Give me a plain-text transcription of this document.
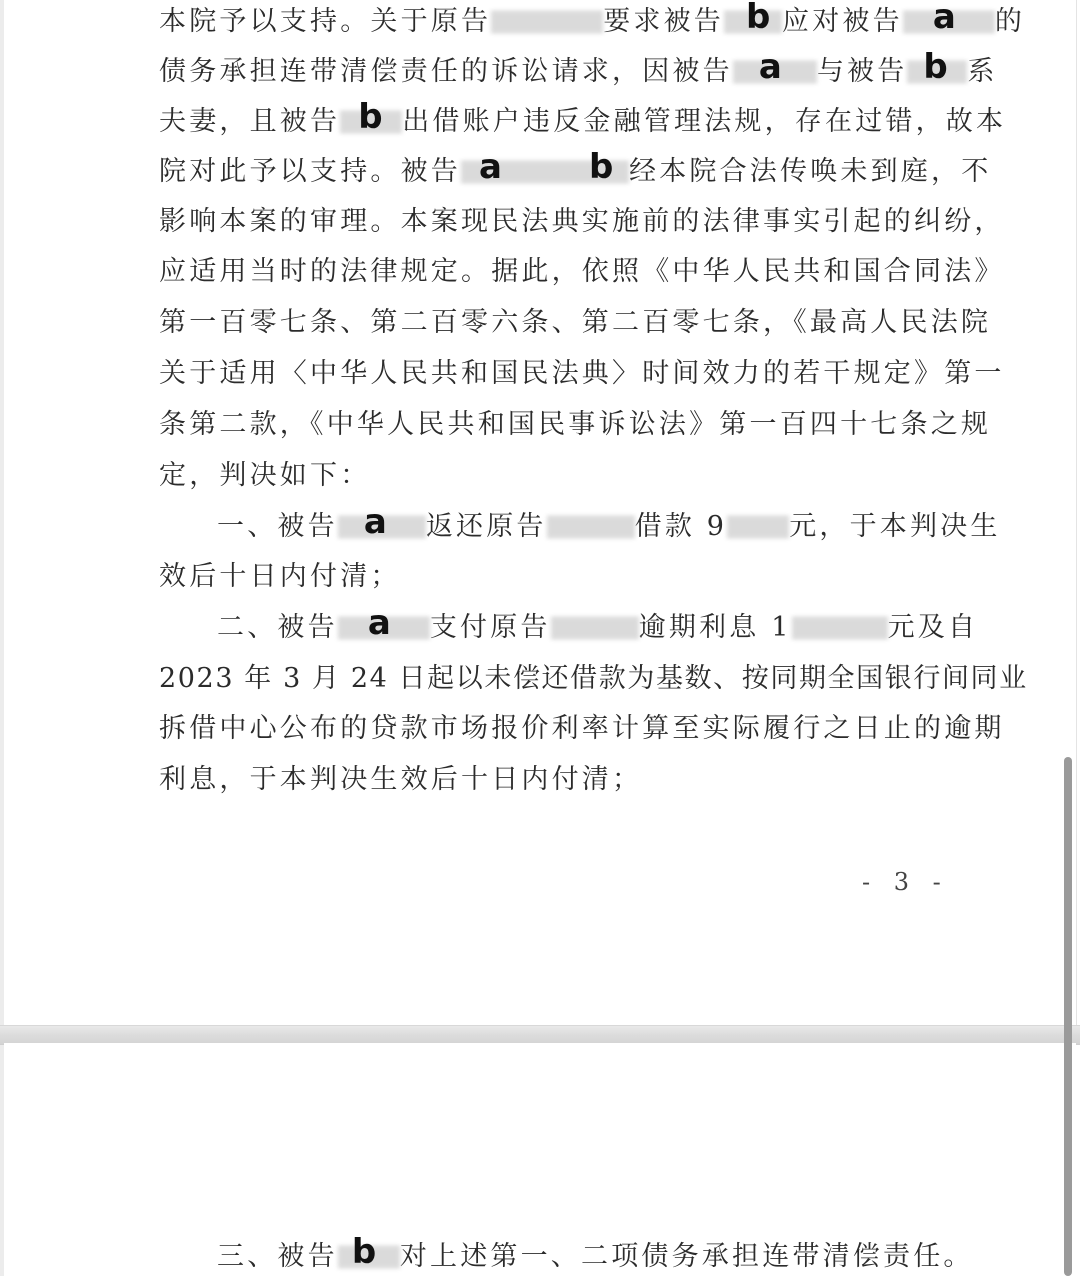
本院予以支持。关于原告	要求被告 b 应对被告 a 的
债务承担连带清偿责任的诉讼请求，因被告 a 与被告 b 系
夫妻，且被告 b 出借账户违反金融管理法规，存在过错，故本
院对此予以支持。被告 a	b 经本院合法传唤未到庭，不
影响本案的审理。本案现民法典实施前的法律事实引起的纠纷，
应适用当时的法律规定。据此，依照《中华人民共和国合同法》
第一百零七条、第二百零六条、第二百零七条，《最高人民法院
关于适用〈中华人民共和国民法典〉时间效力的若干规定》第一
条第二款，《中华人民共和国民事诉讼法》第一百四十七条之规
定，判决如下：
一、被告 a 返还原告	借款 9 元，于本判决生
效后十日内付清；
二、被告 a 支付原告	逾期利息 1	元及自
2023 年 3 月 24 日起以未偿还借款为基数、按同期全国银行间同业
拆借中心公布的贷款市场报价利率计算至实际履行之日止的逾期
利息，于本判决生效后十日内付清；
- 3 -
三、被告 b 对上述第一、二项债务承担连带清偿责任。
